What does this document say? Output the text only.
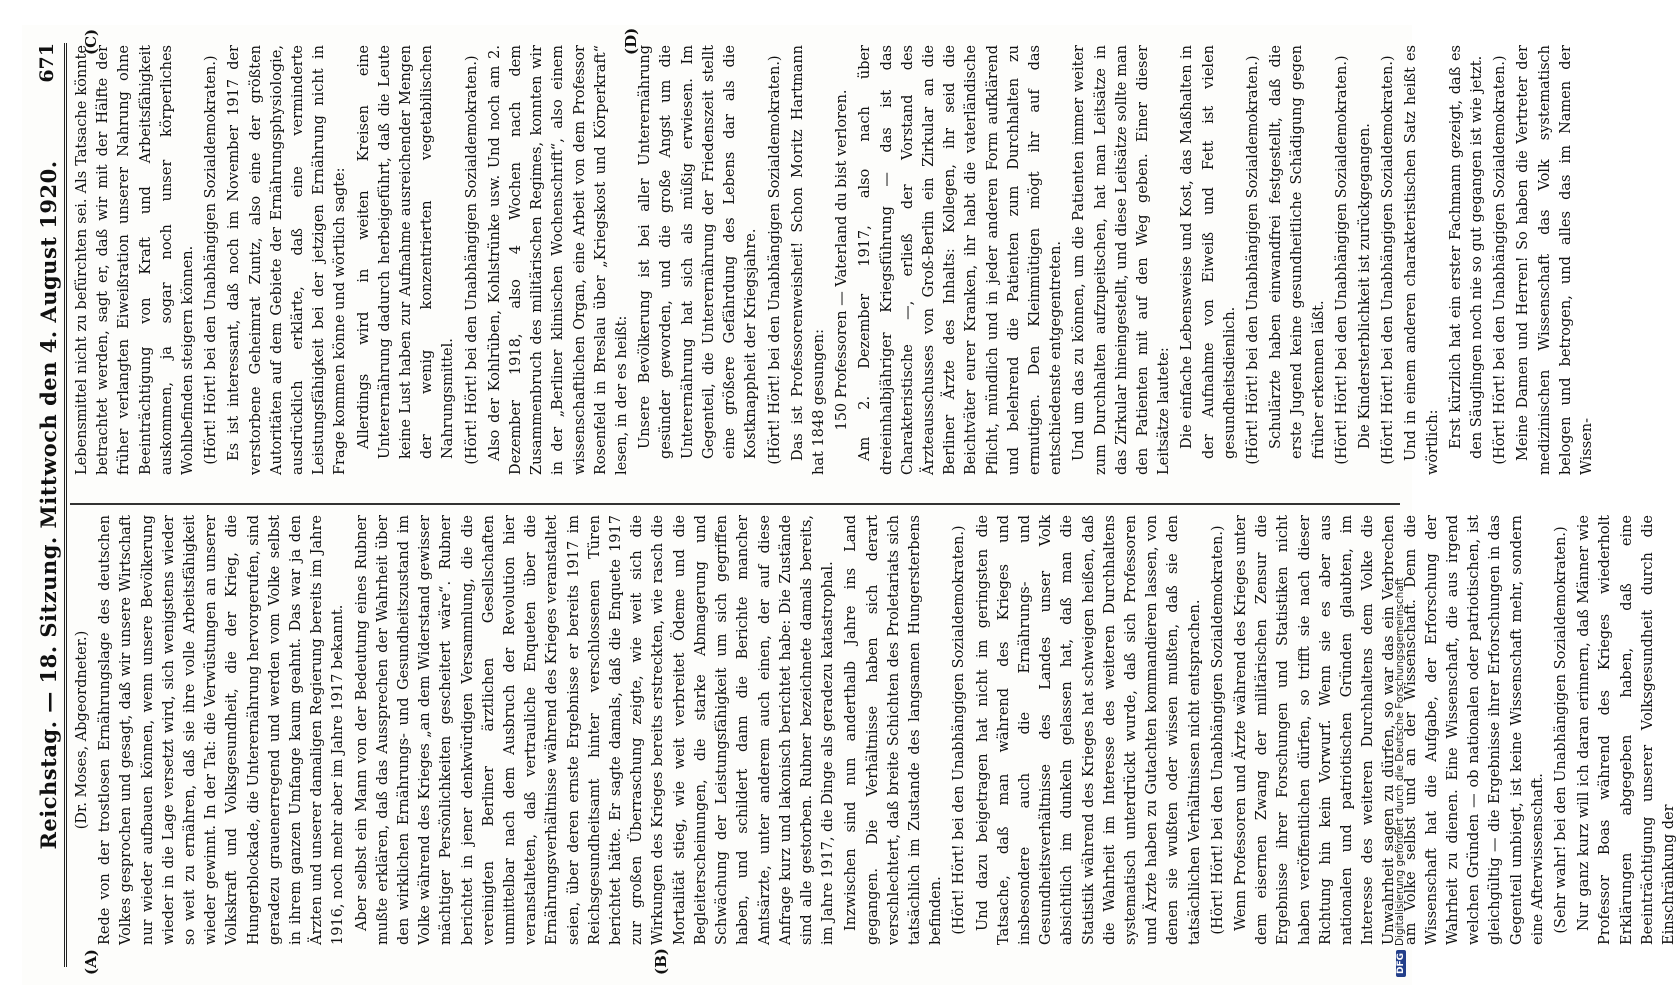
Reichstag. — 18. Sitzung. Mittwoch den 4. August 1920.
671
(A)	(B)
(C)	(D)

(Dr. Moses, Abgeordneter.) Rede von der trostlosen Ernährungslage des deutschen Volkes gesprochen und gesagt, daß wir unsere Wirtschaft nur wieder aufbauen können, wenn unsere Bevölkerung wieder in die Lage versetzt wird, sich wenigstens wieder so weit zu ernähren, daß sie ihre volle Arbeitsfähigkeit wieder gewinnt. In der Tat: die Verwüstungen an unserer Volkskraft und Volksgesundheit, die der Krieg, die Hungerblockade, die Unterernährung hervorgerufen, sind geradezu grauenerregend und werden vom Volke selbst in ihrem ganzen Umfange kaum geahnt. Das war ja den Ärzten und unserer damaligen Regierung bereits im Jahre 1916, noch mehr aber im Jahre 1917 bekannt. Aber selbst ein Mann von der Bedeutung eines Rubner mußte erklären, daß das Aussprechen der Wahrheit über den wirklichen Ernährungs- und Gesundheitszustand im Volke während des Krieges „an dem Widerstand gewisser mächtiger Persönlichkeiten gescheitert wäre“. Rubner berichtet in jener denkwürdigen Versammlung, die die vereinigten Berliner ärztlichen Gesellschaften unmittelbar nach dem Ausbruch der Revolution hier veranstalteten, daß vertrauliche Enqueten über die Ernährungsverhältnisse während des Krieges veranstaltet seien, über deren ernste Ergebnisse er bereits 1917 im Reichsgesundheitsamt hinter verschlossenen Türen berichtet hätte. Er sagte damals, daß die Enquete 1917 zur großen Überraschung zeigte, wie weit sich die Wirkungen des Krieges bereits erstreckten, wie rasch die Mortalität stieg, wie weit verbreitet Ödeme und die Begleiterscheinungen, die starke Abmagerung und Schwächung der Leistungsfähigkeit um sich gegriffen haben, und schildert dann die Berichte mancher Amtsärzte, unter anderem auch einen, der auf diese Anfrage kurz und lakonisch berichtet habe: Die Zustände sind alle gestorben. Rubner bezeichnete damals bereits, im Jahre 1917, die Dinge als geradezu katastrophal. Inzwischen sind nun anderthalb Jahre ins Land gegangen. Die Verhältnisse haben sich derart verschlechtert, daß breite Schichten des Proletariats sich tatsächlich im Zustande des langsamen Hungersterbens befinden. (Hört! Hört! bei den Unabhängigen Sozialdemokraten.) Und dazu beigetragen hat nicht im geringsten die Tatsache, daß man während des Krieges und insbesondere auch die Ernährungs- und Gesundheitsverhältnisse des Landes unser Volk absichtlich im dunkeln gelassen hat, daß man die Statistik während des Krieges hat schweigen heißen, daß die Wahrheit im Interesse des weiteren Durchhaltens systematisch unterdrückt wurde, daß sich Professoren und Ärzte haben zu Gutachten kommandieren lassen, von denen sie wußten oder wissen mußten, daß sie den tatsächlichen Verhältnissen nicht entsprachen. (Hört! Hört! bei den Unabhängigen Sozialdemokraten.) Wenn Professoren und Ärzte während des Krieges unter dem eisernen Zwang der militärischen Zensur die Ergebnisse ihrer Forschungen und Statistiken nicht haben veröffentlichen dürfen, so trifft sie nach dieser Richtung hin kein Vorwurf. Wenn sie es aber aus nationalen und patriotischen Gründen glaubten, im Interesse des weiteren Durchhaltens dem Volke die Unwahrheit sagen zu dürfen, so war das ein Verbrechen am Volke selbst und an der Wissenschaft. Denn die Wissenschaft hat die Aufgabe, der Erforschung der Wahrheit zu dienen. Eine Wissenschaft, die aus irgend welchen Gründen — ob nationalen oder patriotischen, ist gleichgültig — die Ergebnisse ihrer Erforschungen in das Gegenteil umbiegt, ist keine Wissenschaft mehr, sondern eine Afterwissenschaft. (Sehr wahr! bei den Unabhängigen Sozialdemokraten.) Nur ganz kurz will ich daran erinnern, daß Männer wie Professor Boas während des Krieges wiederholt Erklärungen abgegeben haben, daß eine Beeinträchtigung unserer Volksgesundheit durch die Einschränkung der

Lebensmittel nicht zu befürchten sei. Als Tatsache könnte betrachtet werden, sagt er, daß wir mit der Hälfte der früher verlangten Eiweißration unserer Nahrung ohne Beeinträchtigung von Kraft und Arbeitsfähigkeit auskommen, ja sogar noch unser körperliches Wohlbefinden steigern können. (Hört! Hört! bei den Unabhängigen Sozialdemokraten.) Es ist interessant, daß noch im November 1917 der verstorbene Geheimrat Zuntz, also eine der größten Autoritäten auf dem Gebiete der Ernährungsphysiologie, ausdrücklich erklärte, daß eine verminderte Leistungsfähigkeit bei der jetzigen Ernährung nicht in Frage kommen könne und wörtlich sagte: Allerdings wird in weiten Kreisen eine Unterernährung dadurch herbeigeführt, daß die Leute keine Lust haben zur Aufnahme ausreichender Mengen der wenig konzentrierten vegetabilischen Nahrungsmittel. (Hört! Hört! bei den Unabhängigen Sozialdemokraten.) Also der Kohlrüben, Kohlstrünke usw. Und noch am 2. Dezember 1918, also 4 Wochen nach dem Zusammenbruch des militärischen Regimes, konnten wir in der „Berliner klinischen Wochenschrift“, also einem wissenschaftlichen Organ, eine Arbeit von dem Professor Rosenfeld in Breslau über „Kriegskost und Körperkraft“ lesen, in der es heißt: Unsere Bevölkerung ist bei aller Unterernährung gesünder geworden, und die große Angst um die Unterernährung hat sich als müßig erwiesen. Im Gegenteil, die Unterernährung der Friedenszeit stellt eine größere Gefährdung des Lebens dar als die Kostknappheit der Kriegsjahre. (Hört! Hört! bei den Unabhängigen Sozialdemokraten.) Das ist Professorenweisheit! Schon Moritz Hartmann hat 1848 gesungen: 150 Professoren — Vaterland du bist verloren. Am 2. Dezember 1917, also nach über dreieinhalbjähriger Kriegsführung — das ist das Charakteristische —, erließ der Vorstand des Ärzteausschusses von Groß-Berlin ein Zirkular an die Berliner Ärzte des Inhalts: Kollegen, ihr seid die Beichtväter eurer Kranken, ihr habt die vaterländische Pflicht, mündlich und in jeder anderen Form aufklärend und belehrend die Patienten zum Durchhalten zu ermutigen. Den Kleinmütigen mögt ihr auf das entschiedenste entgegentreten. Und um das zu können, um die Patienten immer weiter zum Durchhalten aufzupeitschen, hat man Leitsätze in das Zirkular hineingestellt, und diese Leitsätze sollte man den Patienten mit auf den Weg geben. Einer dieser Leitsätze lautete: Die einfache Lebensweise und Kost, das Maßhalten in der Aufnahme von Eiweiß und Fett ist vielen gesundheitsdienlich. (Hört! Hört! bei den Unabhängigen Sozialdemokraten.) Schulärzte haben einwandfrei festgestellt, daß die erste Jugend keine gesundheitliche Schädigung gegen früher erkennen läßt. (Hört! Hört! bei den Unabhängigen Sozialdemokraten.) Die Kindersterblichkeit ist zurückgegangen. (Hört! Hört! bei den Unabhängigen Sozialdemokraten.) Und in einem anderen charakteristischen Satz heißt es wörtlich: Erst kürzlich hat ein erster Fachmann gezeigt, daß es den Säuglingen noch nie so gut gegangen ist wie jetzt. (Hört! Hört! bei den Unabhängigen Sozialdemokraten.) Meine Damen und Herren! So haben die Vertreter der medizinischen Wissenschaft das Volk systematisch belogen und betrogen, und alles das im Namen der Wissen-

DFGDigitalisierung gefördert durch die Deutsche Forschungsgemeinschaft
